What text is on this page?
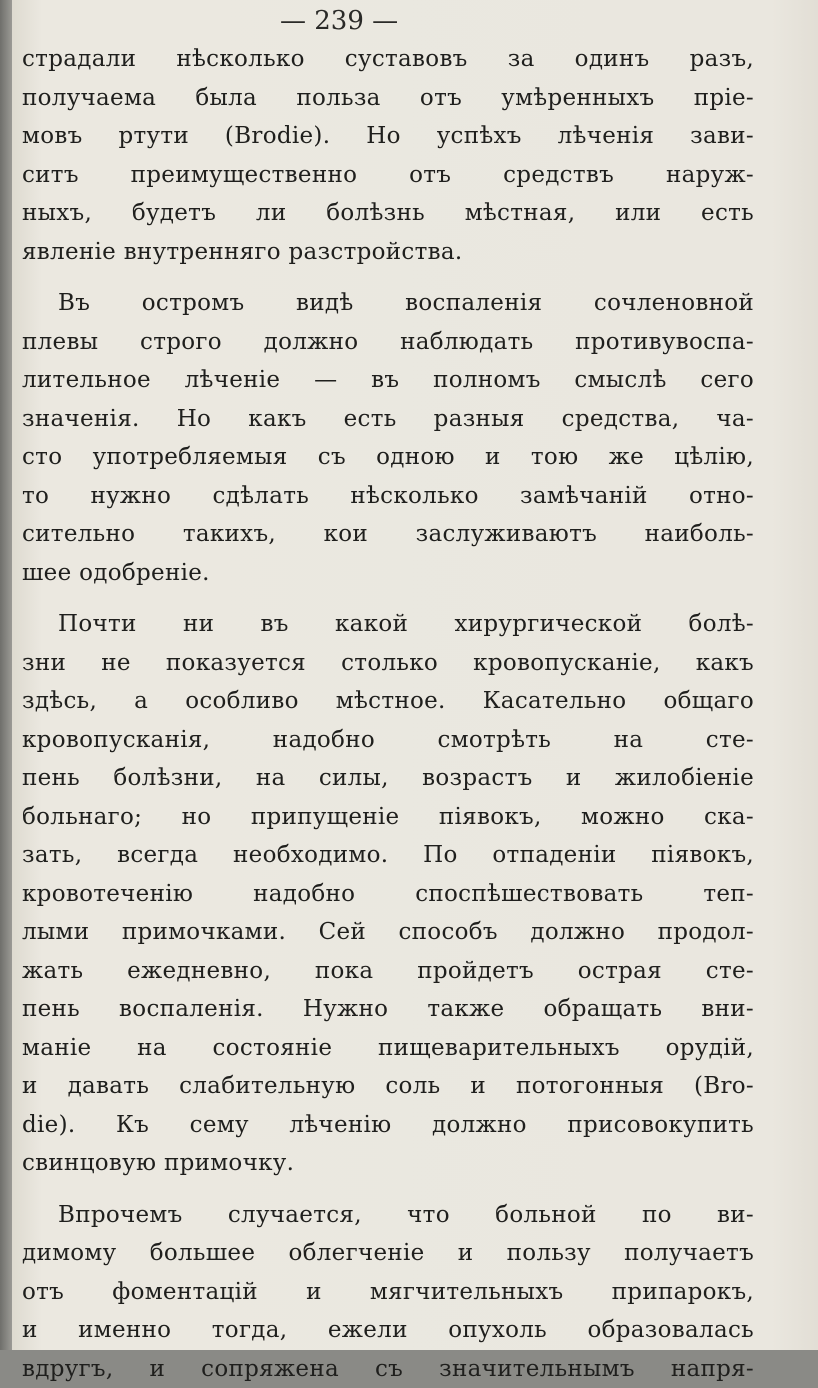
— 239 —
страдали нѣсколько суставовъ за одинъ разъ,
получаема была польза отъ умѣренныхъ прiе-
мовъ ртути (Brodie). Но успѣхъ лѣченiя зави-
ситъ преимущественно отъ средствъ наруж-
ныхъ, будетъ ли болѣзнь мѣстная, или есть
явленiе внутренняго разстройства.
Въ остромъ видѣ воспаленiя сочленовной
плевы строго должно наблюдать противувоспа-
лительное лѣченiе — въ полномъ смыслѣ сего
значенiя. Но какъ есть разныя средства, ча-
сто употребляемыя съ одною и тою же цѣлiю,
то нужно сдѣлать нѣсколько замѣчанiй отно-
сительно такихъ, кои заслуживаютъ наиболь-
шее одобренiе.
Почти ни въ какой хирургической болѣ-
зни не показуется столько кровопусканiе, какъ
здѣсь, а особливо мѣстное. Касательно общаго
кровопусканiя, надобно смотрѣть на сте-
пень болѣзни, на силы, возрастъ и жилобiенiе
больнаго; но припущенiе пiявокъ, можно ска-
зать, всегда необходимо. По отпаденiи пiявокъ,
кровотеченiю надобно споспѣшествовать теп-
лыми примочками. Сей способъ должно продол-
жать ежедневно, пока пройдетъ острая сте-
пень воспаленiя. Нужно также обращать вни-
манiе на состоянiе пищеварительныхъ орудiй,
и давать слабительную соль и потогонныя (Bro-
die). Къ сему лѣченiю должно присовокупить
свинцовую примочку.
Впрочемъ случается, что больной по ви-
димому большее облегченiе и пользу получаетъ
отъ фоментацiй и мягчительныхъ припарокъ,
и именно тогда, ежели опухоль образовалась
вдругъ, и сопряжена съ значительнымъ напря-
